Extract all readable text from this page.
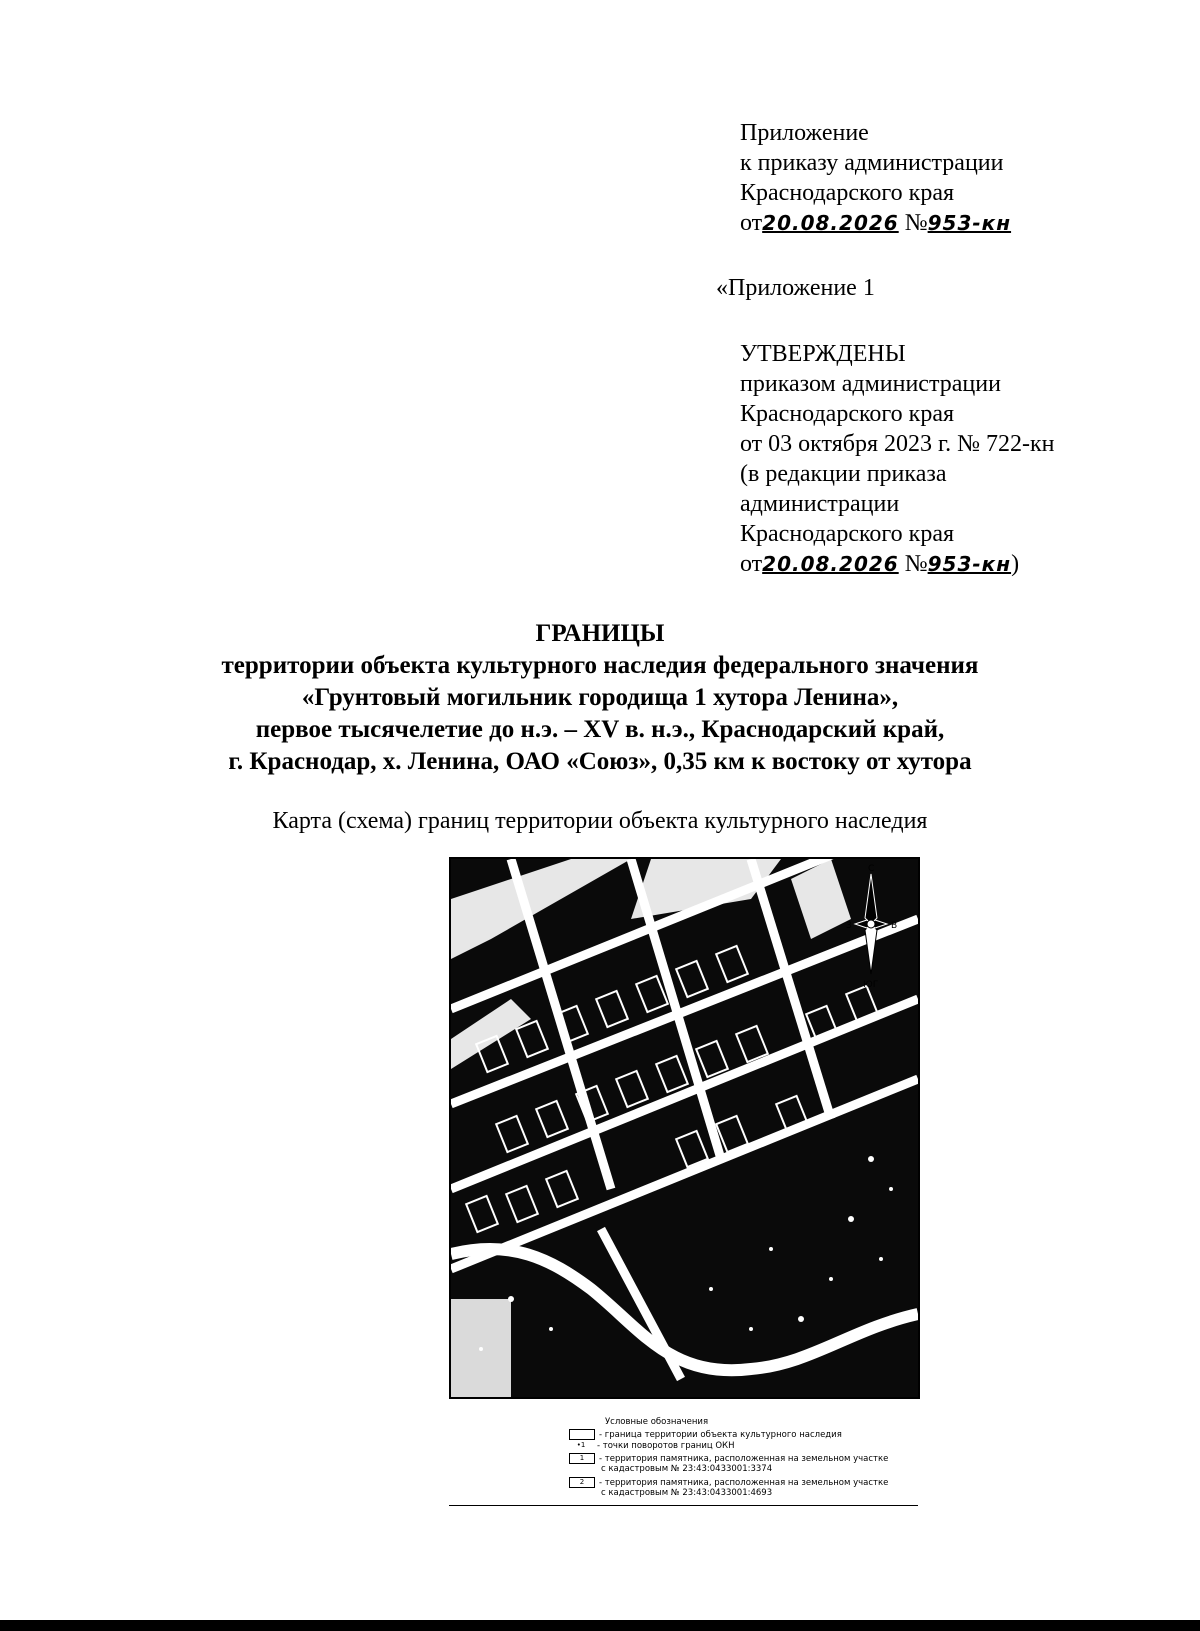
Приложение
к приказу администрации
Краснодарского края
от20.08.2026 №953-кн
«Приложение 1
УТВЕРЖДЕНЫ
приказом администрации
Краснодарского края
от 03 октября 2023 г. № 722-кн
(в редакции приказа
администрации
Краснодарского края
от20.08.2026 №953-кн)
ГРАНИЦЫ
территории объекта культурного наследия федерального значения
«Грунтовый могильник городища 1 хутора Ленина»,
первое тысячелетие до н.э. – XV в. н.э., Краснодарский край,
г. Краснодар, х. Ленина, ОАО «Союз», 0,35 км к востоку от хутора
Карта (схема) границ территории объекта культурного наследия
С
ЮГ
З	В
Условные обозначения
- граница территории объекта культурного наследия
•1 - точки поворотов границ ОКН
1 - территория памятника, расположенная на земельном участке
с кадастровым № 23:43:0433001:3374
2 - территория памятника, расположенная на земельном участке
с кадастровым № 23:43:0433001:4693
